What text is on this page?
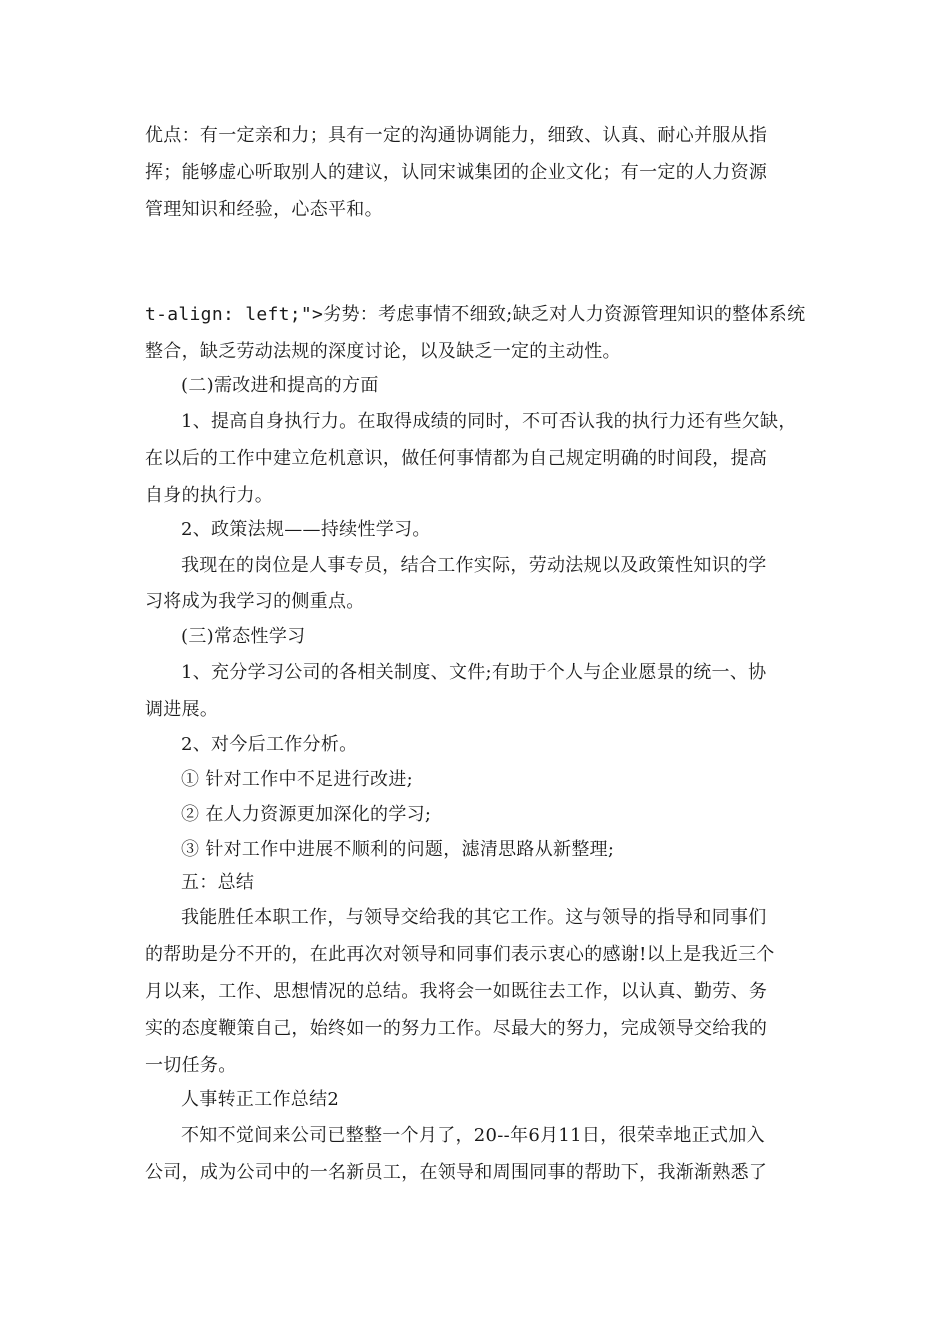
优点：有一定亲和力；具有一定的沟通协调能力，细致、认真、耐心并服从指
挥；能够虚心听取别人的建议，认同宋诚集团的企业文化；有一定的人力资源
管理知识和经验，心态平和。
t-align: left;">劣势：考虑事情不细致;缺乏对人力资源管理知识的整体系统
整合，缺乏劳动法规的深度讨论，以及缺乏一定的主动性。
(二)需改进和提高的方面
1、提高自身执行力。在取得成绩的同时，不可否认我的执行力还有些欠缺，
在以后的工作中建立危机意识，做任何事情都为自己规定明确的时间段，提高
自身的执行力。
2、政策法规——持续性学习。
我现在的岗位是人事专员，结合工作实际，劳动法规以及政策性知识的学
习将成为我学习的侧重点。
(三)常态性学习
1、充分学习公司的各相关制度、文件;有助于个人与企业愿景的统一、协
调进展。
2、对今后工作分析。
① 针对工作中不足进行改进;
② 在人力资源更加深化的学习;
③ 针对工作中进展不顺利的问题，滤清思路从新整理;
五：总结
我能胜任本职工作，与领导交给我的其它工作。这与领导的指导和同事们
的帮助是分不开的，在此再次对领导和同事们表示衷心的感谢!以上是我近三个
月以来，工作、思想情况的总结。我将会一如既往去工作，以认真、勤劳、务
实的态度鞭策自己，始终如一的努力工作。尽最大的努力，完成领导交给我的
一切任务。
人事转正工作总结2
不知不觉间来公司已整整一个月了，20--年6月11日，很荣幸地正式加入
公司，成为公司中的一名新员工，在领导和周围同事的帮助下，我渐渐熟悉了
